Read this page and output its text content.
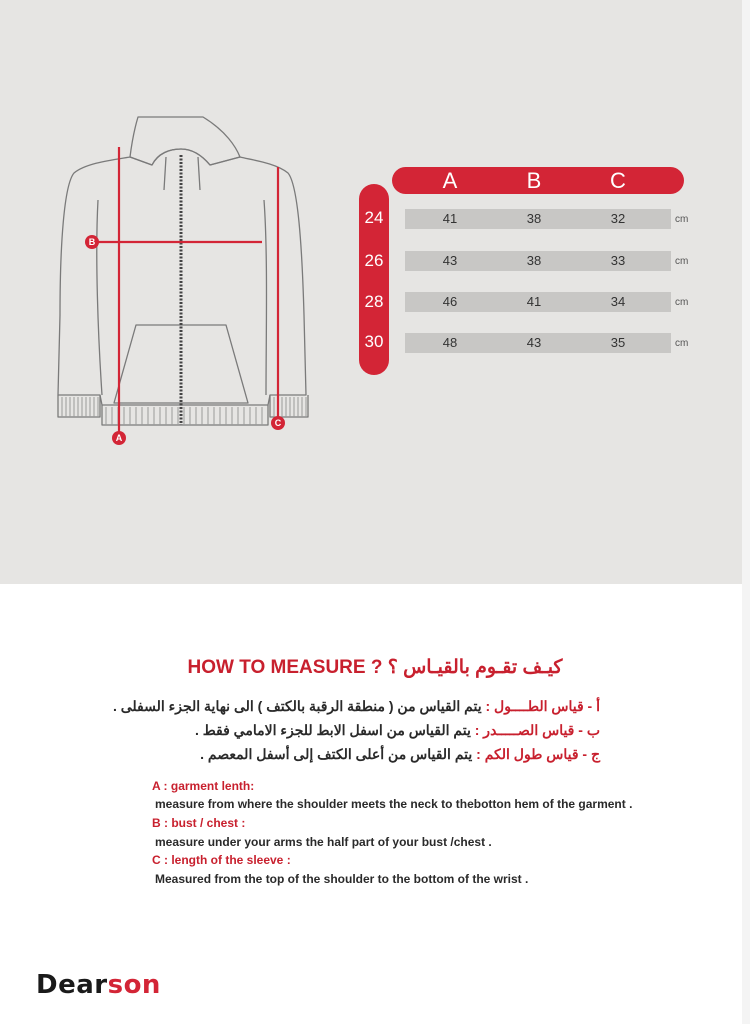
A
B
C
A	B	C
24	41	38	32	cm
26	43	38	33	cm
28	46	41	34	cm
30	48	43	35	cm
HOW TO MEASURE ? كيـف تقـوم بالقيـاس ؟
أ - قياس الطــــول : يتم القياس من ( منطقة الرقبة بالكتف ) الى نهاية الجزء السفلى .
ب - قياس الصـــــدر : يتم القياس من اسفل الابط للجزء الامامي فقط .
ج - قياس طول الكم : يتم القياس من أعلى الكتف إلى أسفل المعصم .
A : garment lenth:
measure from where the shoulder meets the neck to thebotton hem of the garment .
B : bust / chest :
measure under your arms the half part of your bust /chest .
C : length of the sleeve :
Measured from the top of the shoulder to the bottom of the wrist .
Dearson
